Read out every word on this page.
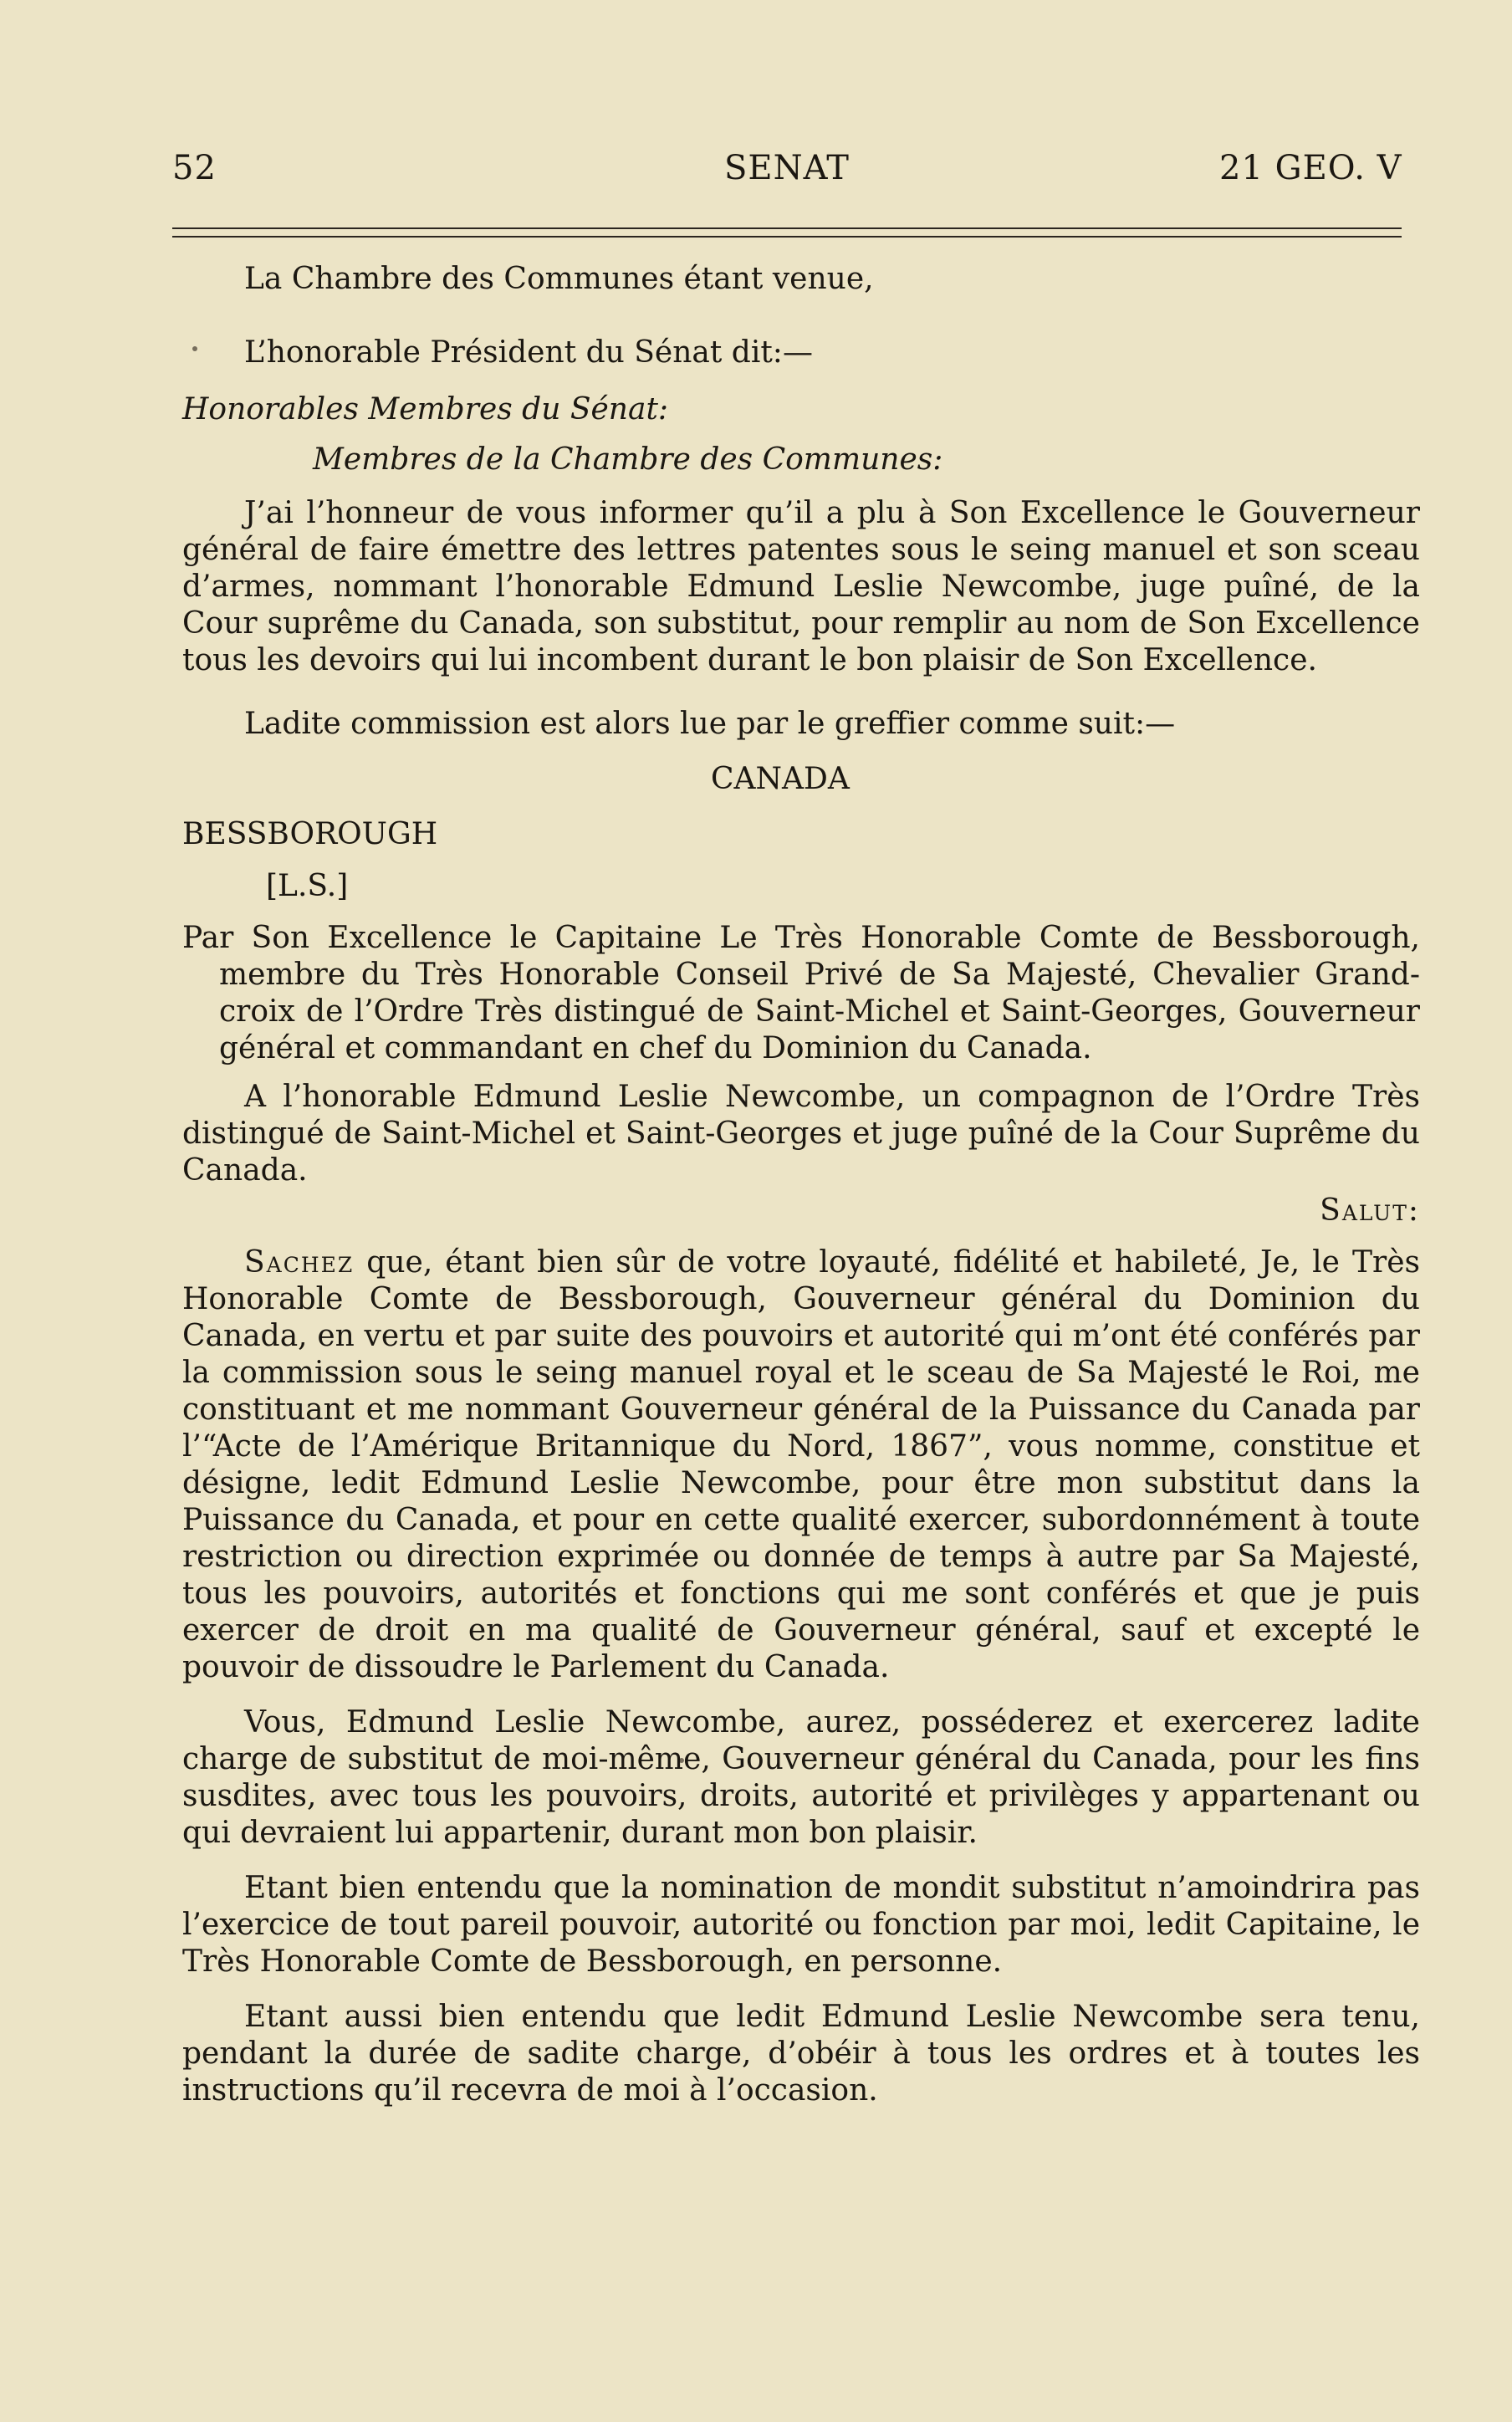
52	SENAT	21 GEO. V

La Chambre des Communes étant venue,

L’honorable Président du Sénat dit:—

Honorables Membres du Sénat:

Membres de la Chambre des Communes:

J’ai l’honneur de vous informer qu’il a plu à Son Excellence le Gouverneur général de faire émettre des lettres patentes sous le seing manuel et son sceau d’armes, nommant l’honorable Edmund Leslie Newcombe, juge puîné, de la Cour suprême du Canada, son substitut, pour remplir au nom de Son Excellence tous les devoirs qui lui incombent durant le bon plaisir de Son Excellence.

Ladite commission est alors lue par le greffier comme suit:—

CANADA

BESSBOROUGH

[L.S.]

Par Son Excellence le Capitaine Le Très Honorable Comte de Bessborough, membre du Très Honorable Conseil Privé de Sa Majesté, Chevalier Grand-croix de l’Ordre Très distingué de Saint-Michel et Saint-Georges, Gouverneur général et commandant en chef du Dominion du Canada.

A l’honorable Edmund Leslie Newcombe, un compagnon de l’Ordre Très distingué de Saint-Michel et Saint-Georges et juge puîné de la Cour Suprême du Canada.

Salut:

Sachez que, étant bien sûr de votre loyauté, fidélité et habileté, Je, le Très Honorable Comte de Bessborough, Gouverneur général du Dominion du Canada, en vertu et par suite des pouvoirs et autorité qui m’ont été conférés par la commission sous le seing manuel royal et le sceau de Sa Majesté le Roi, me constituant et me nommant Gouverneur général de la Puissance du Canada par l’“Acte de l’Amérique Britannique du Nord, 1867”, vous nomme, constitue et désigne, ledit Edmund Leslie Newcombe, pour être mon substitut dans la Puissance du Canada, et pour en cette qualité exercer, subordonnément à toute restriction ou direction exprimée ou donnée de temps à autre par Sa Majesté, tous les pouvoirs, autorités et fonctions qui me sont conférés et que je puis exercer de droit en ma qualité de Gouverneur général, sauf et excepté le pouvoir de dissoudre le Parlement du Canada.

Vous, Edmund Leslie Newcombe, aurez, posséderez et exercerez ladite charge de substitut de moi-même, Gouverneur général du Canada, pour les fins susdites, avec tous les pouvoirs, droits, autorité et privilèges y appartenant ou qui devraient lui appartenir, durant mon bon plaisir.

Etant bien entendu que la nomination de mondit substitut n’amoindrira pas l’exercice de tout pareil pouvoir, autorité ou fonction par moi, ledit Capitaine, le Très Honorable Comte de Bessborough, en personne.

Etant aussi bien entendu que ledit Edmund Leslie Newcombe sera tenu, pendant la durée de sadite charge, d’obéir à tous les ordres et à toutes les instructions qu’il recevra de moi à l’occasion.
